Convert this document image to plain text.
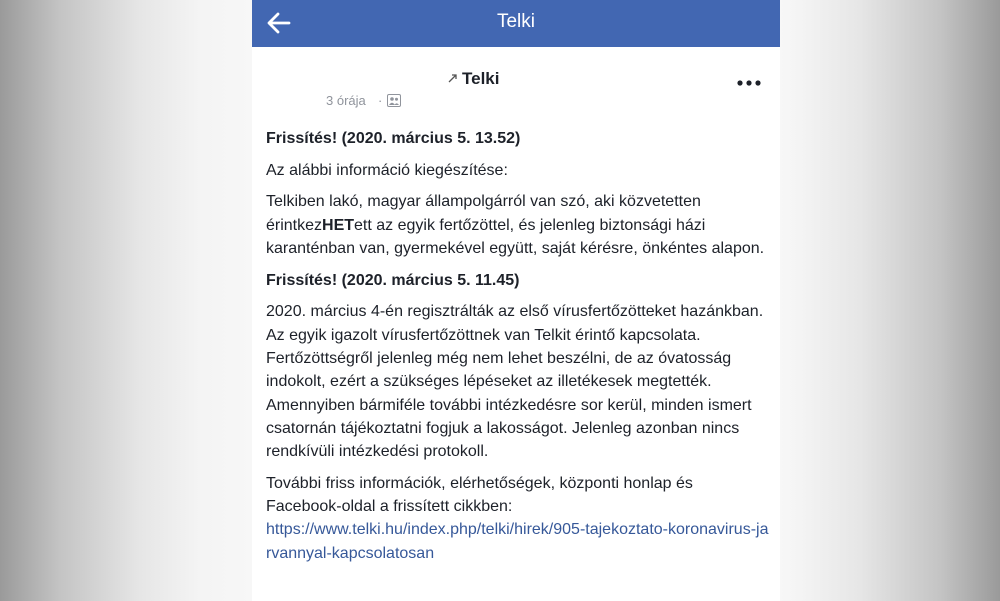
Telki
Telki
3 órája ·

Frissítés! (2020. március 5. 13.52)

Az alábbi információ kiegészítése:

Telkiben lakó, magyar állampolgárról van szó, aki közvetetten érintkezHETett az egyik fertőzöttel, és jelenleg biztonsági házi karanténban van, gyermekével együtt, saját kérésre, önkéntes alapon.

Frissítés! (2020. március 5. 11.45)

2020. március 4-én regisztrálták az első vírusfertőzötteket hazánkban. Az egyik igazolt vírusfertőzöttnek van Telkit érintő kapcsolata. Fertőzöttségről jelenleg még nem lehet beszélni, de az óvatosság indokolt, ezért a szükséges lépéseket az illetékesek megtették. Amennyiben bármiféle további intézkedésre sor kerül, minden ismert csatornán tájékoztatni fogjuk a lakosságot. Jelenleg azonban nincs rendkívüli intézkedési protokoll.

További friss információk, elérhetőségek, központi honlap és Facebook-oldal a frissített cikkben:
https://www.telki.hu/index.php/telki/hirek/905-tajekoztato-koronavirus-jarvannyal-kapcsolatosan
